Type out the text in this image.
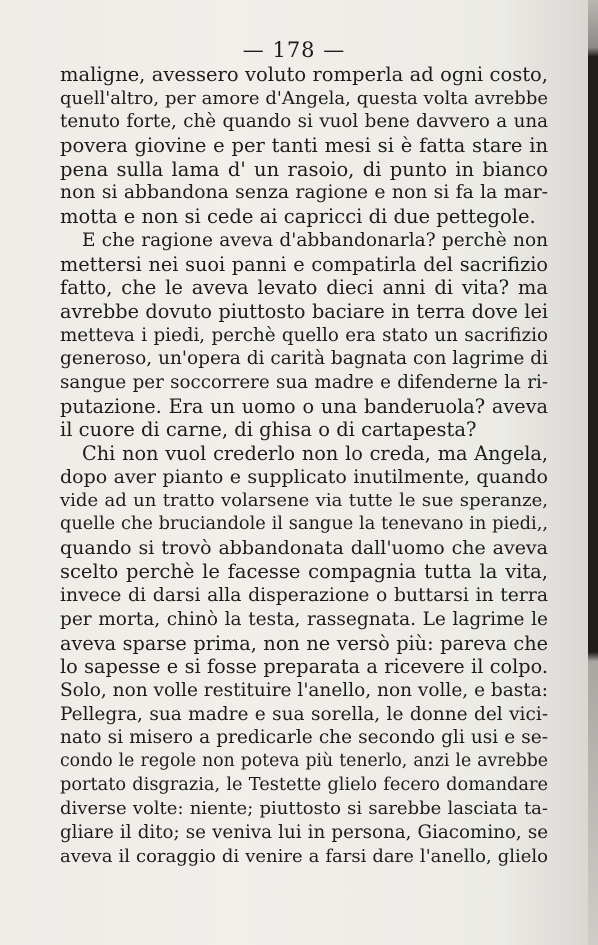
— 178 —
maligne, avessero voluto romperla ad ogni costo,
quell'altro, per amore d'Angela, questa volta avrebbe
tenuto forte, chè quando si vuol bene davvero a una
povera giovine e per tanti mesi si è fatta stare in
pena sulla lama d' un rasoio, di punto in bianco
non si abbandona senza ragione e non si fa la mar-
motta e non si cede ai capricci di due pettegole.
E che ragione aveva d'abbandonarla? perchè non
mettersi nei suoi panni e compatirla del sacrifizio
fatto, che le aveva levato dieci anni di vita? ma
avrebbe dovuto piuttosto baciare in terra dove lei
metteva i piedi, perchè quello era stato un sacrifizio
generoso, un'opera di carità bagnata con lagrime di
sangue per soccorrere sua madre e difenderne la ri-
putazione. Era un uomo o una banderuola? aveva
il cuore di carne, di ghisa o di cartapesta?
Chi non vuol crederlo non lo creda, ma Angela,
dopo aver pianto e supplicato inutilmente, quando
vide ad un tratto volarsene via tutte le sue speranze,
quelle che bruciandole il sangue la tenevano in piedi,,
quando si trovò abbandonata dall'uomo che aveva
scelto perchè le facesse compagnia tutta la vita,
invece di darsi alla disperazione o buttarsi in terra
per morta, chinò la testa, rassegnata. Le lagrime le
aveva sparse prima, non ne versò più: pareva che
lo sapesse e si fosse preparata a ricevere il colpo.
Solo, non volle restituire l'anello, non volle, e basta:
Pellegra, sua madre e sua sorella, le donne del vici-
nato si misero a predicarle che secondo gli usi e se-
condo le regole non poteva più tenerlo, anzi le avrebbe
portato disgrazia, le Testette glielo fecero domandare
diverse volte: niente; piuttosto si sarebbe lasciata ta-
gliare il dito; se veniva lui in persona, Giacomino, se
aveva il coraggio di venire a farsi dare l'anello, glielo
